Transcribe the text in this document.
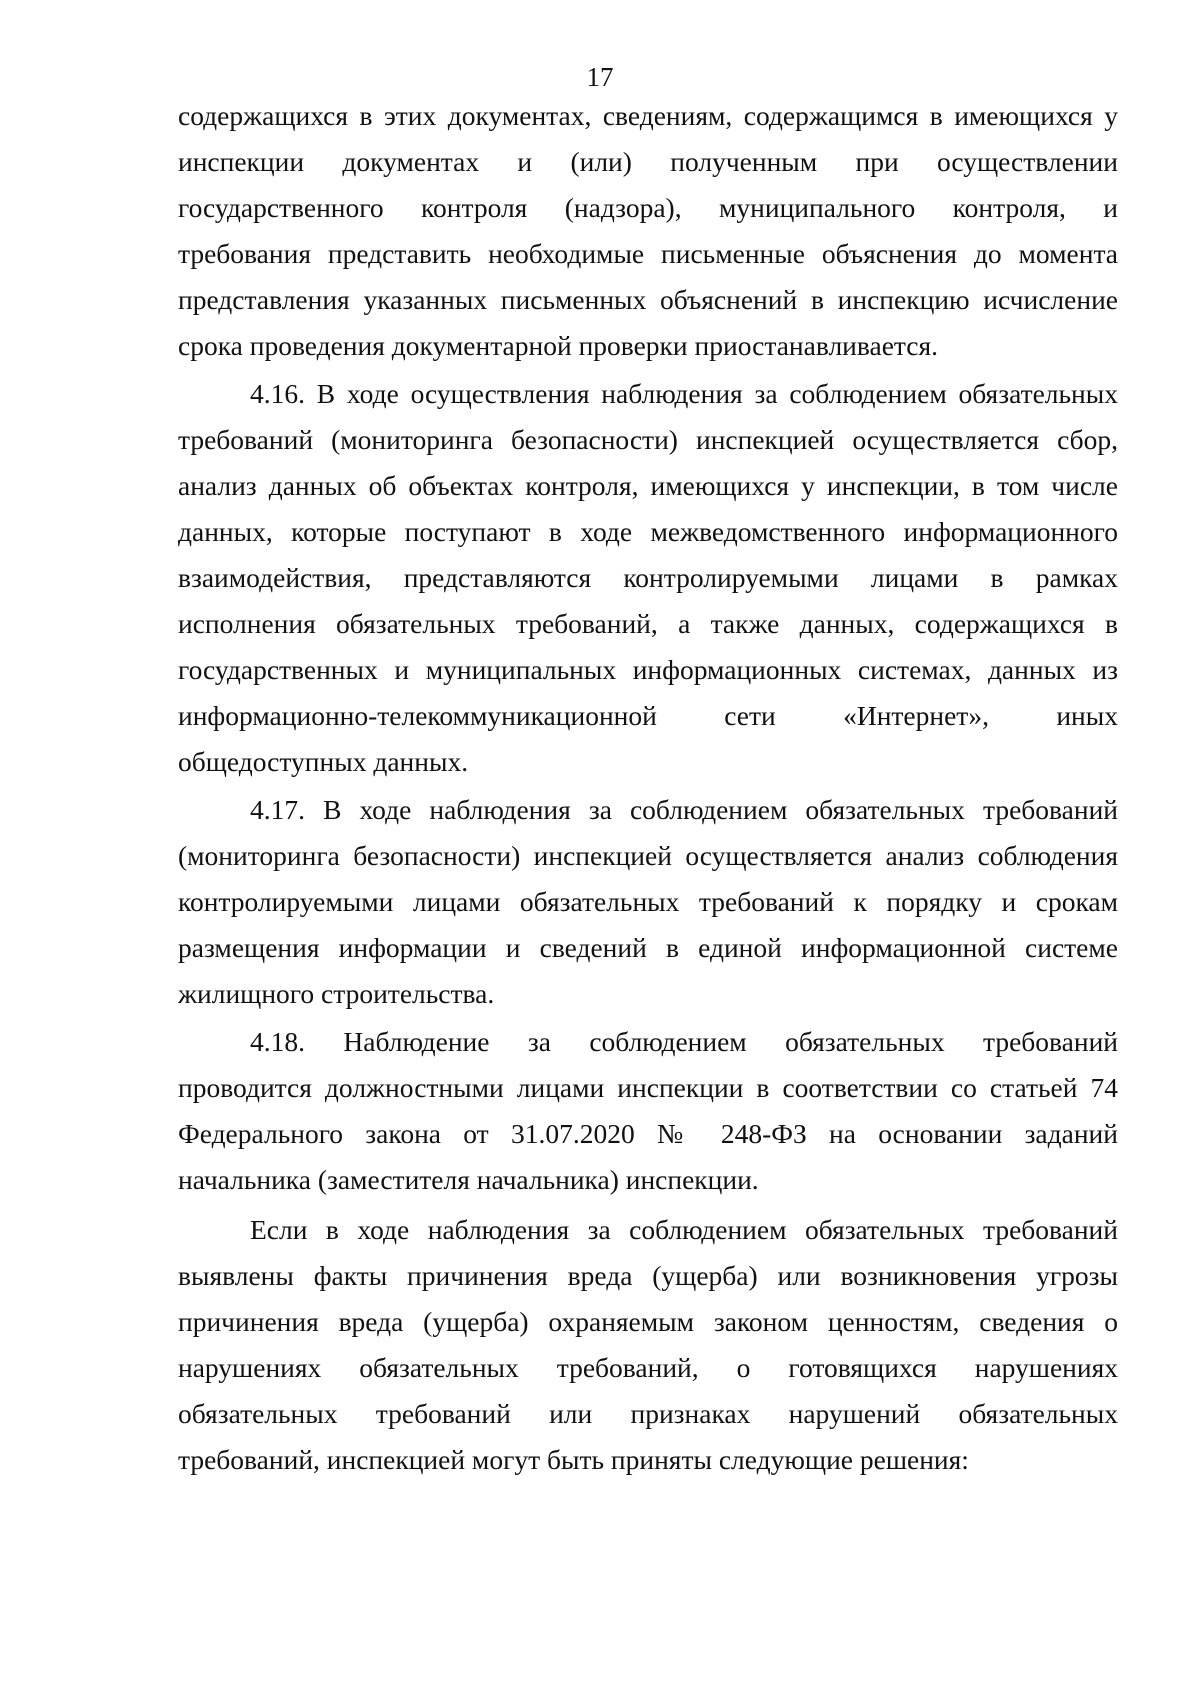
17
содержащихся в этих документах, сведениям, содержащимся в имеющихся у
инспекции документах и (или) полученным при осуществлении
государственного контроля (надзора), муниципального контроля, и
требования представить необходимые письменные объяснения до момента
представления указанных письменных объяснений в инспекцию исчисление
срока проведения документарной проверки приостанавливается.
4.16. В ходе осуществления наблюдения за соблюдением обязательных
требований (мониторинга безопасности) инспекцией осуществляется сбор,
анализ данных об объектах контроля, имеющихся у инспекции, в том числе
данных, которые поступают в ходе межведомственного информационного
взаимодействия, представляются контролируемыми лицами в рамках
исполнения обязательных требований, а также данных, содержащихся в
государственных и муниципальных информационных системах, данных из
информационно-телекоммуникационной сети «Интернет», иных
общедоступных данных.
4.17. В ходе наблюдения за соблюдением обязательных требований
(мониторинга безопасности) инспекцией осуществляется анализ соблюдения
контролируемыми лицами обязательных требований к порядку и срокам
размещения информации и сведений в единой информационной системе
жилищного строительства.
4.18. Наблюдение за соблюдением обязательных требований
проводится должностными лицами инспекции в соответствии со статьей 74
Федерального закона от 31.07.2020 № 248-ФЗ на основании заданий
начальника (заместителя начальника) инспекции.
Если в ходе наблюдения за соблюдением обязательных требований
выявлены факты причинения вреда (ущерба) или возникновения угрозы
причинения вреда (ущерба) охраняемым законом ценностям, сведения о
нарушениях обязательных требований, о готовящихся нарушениях
обязательных требований или признаках нарушений обязательных
требований, инспекцией могут быть приняты следующие решения:
